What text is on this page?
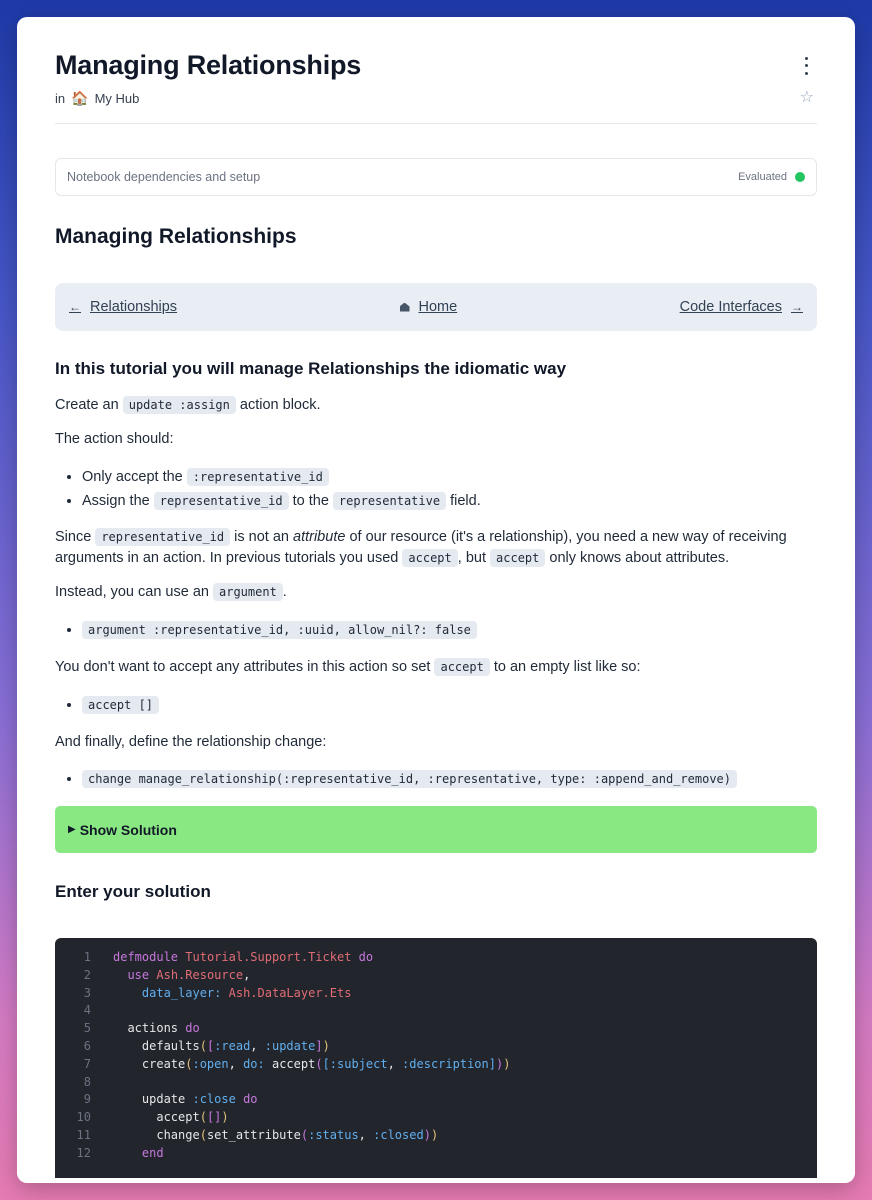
Managing Relationships
in 🏠 My Hub	☆
Notebook dependencies and setup	Evaluated
Managing Relationships
← Relationships	Home	Code Interfaces →
In this tutorial you will manage Relationships the idiomatic way

Create an update :assign action block.

The action should:

• Only accept the :representative_id
• Assign the representative_id to the representative field.

Since representative_id is not an attribute of our resource (it's a relationship), you need a new way of receiving arguments in an action. In previous tutorials you used accept , but accept only knows about attributes.

Instead, you can use an argument .

• argument :representative_id, :uuid, allow_nil?: false

You don't want to accept any attributes in this action so set accept to an empty list like so:

• accept []

And finally, define the relationship change:

• change manage_relationship(:representative_id, :representative, type: :append_and_remove)
▶ Show Solution
Enter your solution
1	defmodule Tutorial.Support.Ticket do
2	use Ash.Resource,
3	data_layer: Ash.DataLayer.Ets
4
5	actions do
6	defaults([:read, :update])
7	create(:open, do: accept([:subject, :description]))
8
9	update :close do
10	accept([])
11	change(set_attribute(:status, :closed))
12	end
